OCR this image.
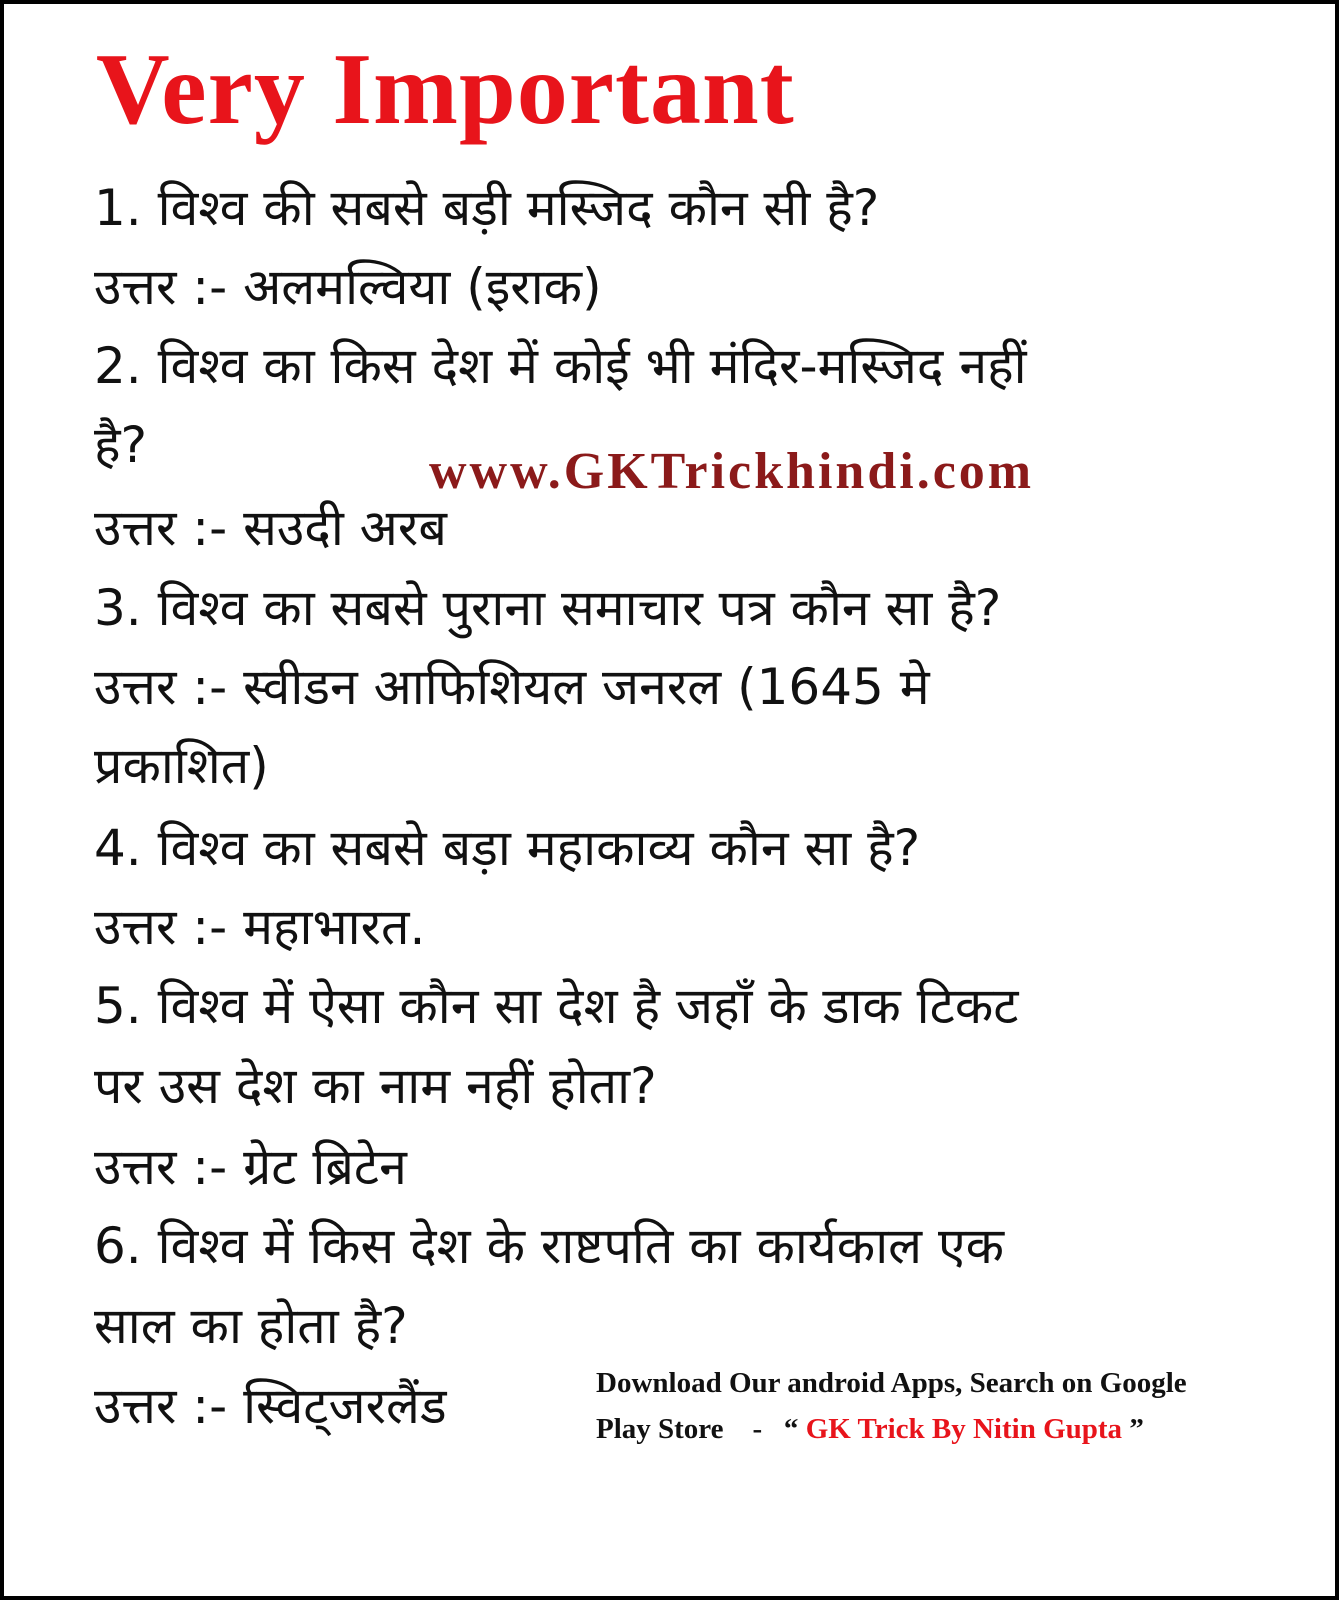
Very Important

1. विश्व की सबसे बड़ी मस्जिद कौन सी है?

उत्तर :- अलमल्विया (इराक)

2. विश्व का किस देश में कोई भी मंदिर-मस्जिद नहीं

है?

उत्तर :- सउदी अरब

3. विश्व का सबसे पुराना समाचार पत्र कौन सा है?

उत्तर :- स्वीडन आफिशियल जनरल (1645 मे

प्रकाशित)

4. विश्व का सबसे बड़ा महाकाव्य कौन सा है?

उत्तर :- महाभारत.

5. विश्व में ऐसा कौन सा देश है जहाँ के डाक टिकट

पर उस देश का नाम नहीं होता?

उत्तर :- ग्रेट ब्रिटेन

6. विश्व में किस देश के राष्टपति का कार्यकाल एक

साल का होता है?

उत्तर :- स्विट्जरलैंड

www.GKTrickhindi.com
Download Our android Apps, Search on Google
Play Store    -   “ GK Trick By Nitin Gupta ”
